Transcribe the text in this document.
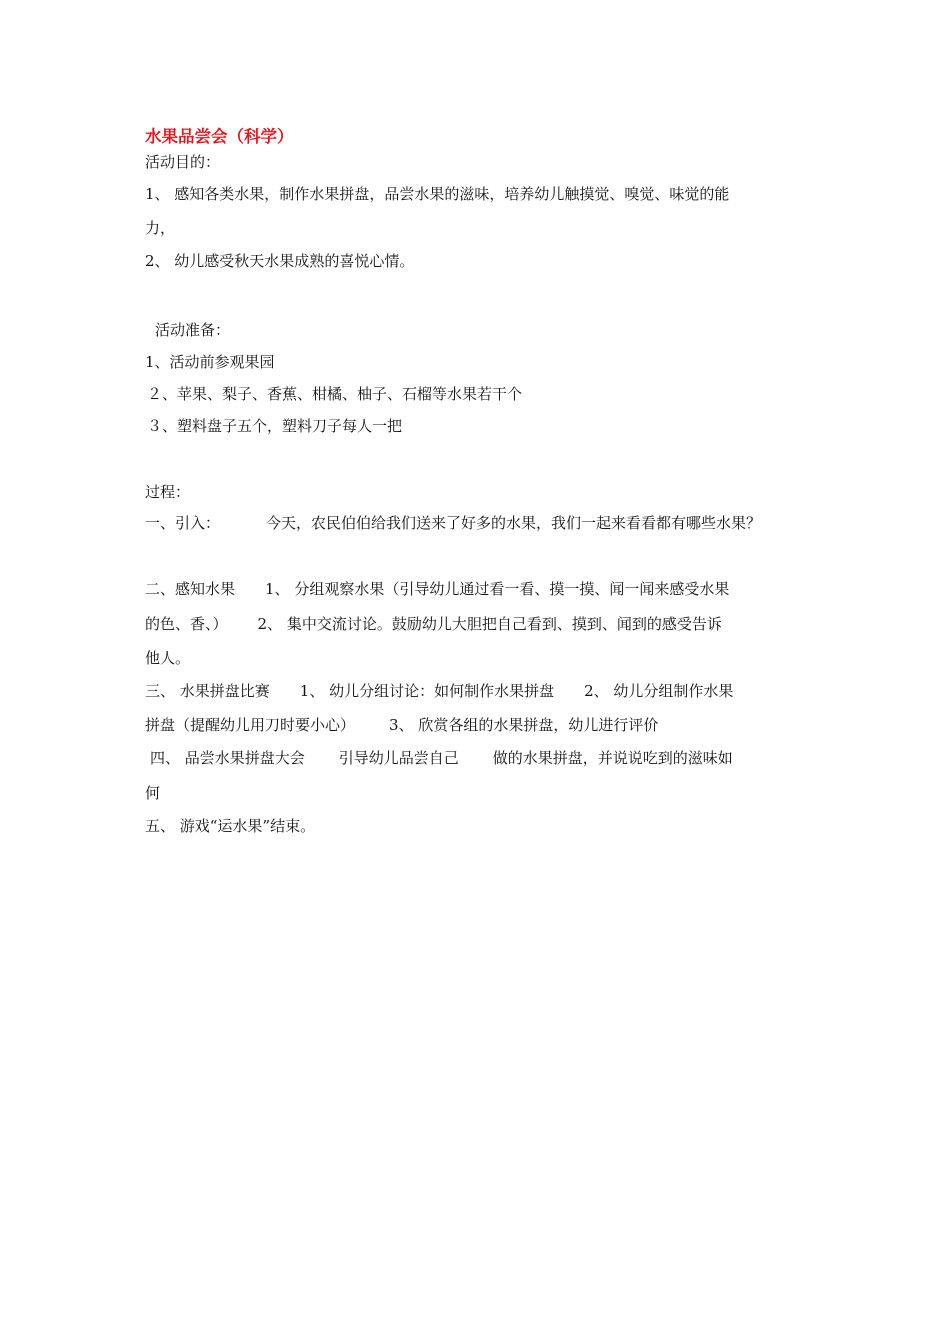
水果品尝会（科学）
活动目的：
1、 感知各类水果，制作水果拼盘，品尝水果的滋味，培养幼儿触摸觉、嗅觉、味觉的能
力，
2、 幼儿感受秋天水果成熟的喜悦心情。
活动准备：
1、活动前参观果园
２、苹果、梨子、香蕉、柑橘、柚子、石榴等水果若干个
３、塑料盘子五个，塑料刀子每人一把
过程：
一、引入：	今天，农民伯伯给我们送来了好多的水果，我们一起来看看都有哪些水果？
二、感知水果 1、 分组观察水果（引导幼儿通过看一看、摸一摸、闻一闻来感受水果
的色、香、） 2、 集中交流讨论。鼓励幼儿大胆把自己看到、摸到、闻到的感受告诉
他人。
三、 水果拼盘比赛 1、 幼儿分组讨论：如何制作水果拼盘 2、 幼儿分组制作水果
拼盘（提醒幼儿用刀时要小心） 3、 欣赏各组的水果拼盘，幼儿进行评价
四、 品尝水果拼盘大会 引导幼儿品尝自己 做的水果拼盘，并说说吃到的滋味如
何
五、 游戏“运水果”结束。
